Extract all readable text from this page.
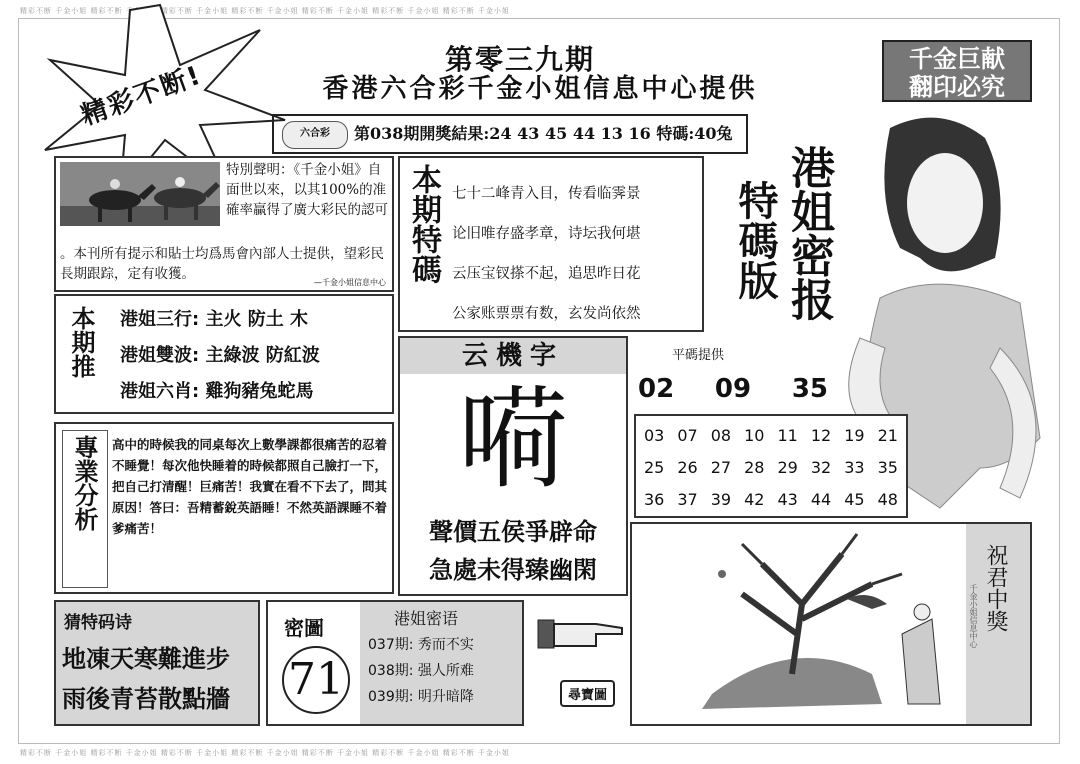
精彩不断 千金小姐 精彩不断 千金小姐 精彩不断 千金小姐 精彩不断 千金小姐 精彩不断 千金小姐 精彩不断 千金小姐 精彩不断 千金小姐
精彩不断 千金小姐 精彩不断 千金小姐 精彩不断 千金小姐 精彩不断 千金小姐 精彩不断 千金小姐 精彩不断 千金小姐 精彩不断 千金小姐
精彩不断!
第零三九期
香港六合彩千金小姐信息中心提供
千金巨献
翻印必究
六合彩	第038期開獎結果:24 43 45 44 13 16 特碼:40兔
特別聲明：《千金小姐》自面世以來，以其100%的准確率贏得了廣大彩民的認可
。本刊所有提示和貼士均爲馬會內部人士提供，望彩民長期跟踪，定有收獲。
—千金小姐信息中心 本期特碼 七十二峰青入目，传看临霁景
论旧唯存盛孝章，诗坛我何堪
云压宝钗搽不起，追思昨日花
公家账票票有数，玄发尚依然	港姐密报
特碼版
本期推 港姐三行: 主火 防土 木
港姐雙波: 主綠波 防紅波
港姐六肖: 雞狗豬兔蛇馬
專業分析 高中的時候我的同桌每次上數學課都很痛苦的忍着不睡覺！每次他快睡着的時候都照自己臉打一下，把自己打清醒！巨痛苦！我實在看不下去了，問其原因！答曰：吾精蓄銳英語睡！不然英語課睡不着爹痛苦！
云機字
嗬
聲價五侯爭辟命
急處未得臻幽閑
平碼提供
02 09 35
03 07 08 10 11 12 19 21
25 26 27 28 29 32 33 35
36 37 39 42 43 44 45 48
猜特码诗
地凍天寒難進步
雨後青苔散點牆
密圖
71
港姐密语
037期: 秀而不实
038期: 强人所难
039期: 明升暗降	尋寶圖
祝君中獎
千金小姐信息中心
